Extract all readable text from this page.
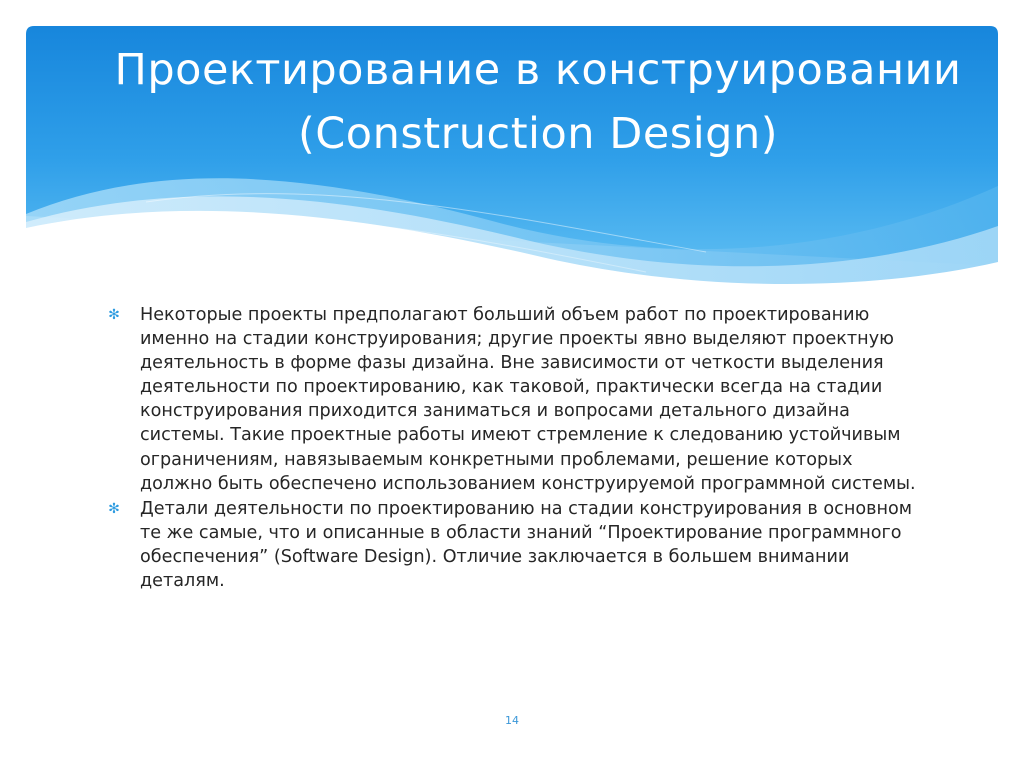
Проектирование в конструировании (Construction Design)
✻ Некоторые проекты предполагают больший объем работ по проектированию именно на стадии конструирования; другие проекты явно выделяют проектную деятельность в форме фазы дизайна. Вне зависимости от четкости выделения деятельности по проектированию, как таковой, практически всегда на стадии конструирования приходится заниматься и вопросами детального дизайна системы. Такие проектные работы имеют стремление к следованию устойчивым ограничениям, навязываемым конкретными проблемами, решение которых должно быть обеспечено использованием конструируемой программной системы.
✻ Детали деятельности по проектированию на стадии конструирования в основном те же самые, что и описанные в области знаний “Проектирование программного обеспечения” (Software Design). Отличие заключается в большем внимании деталям.
14
